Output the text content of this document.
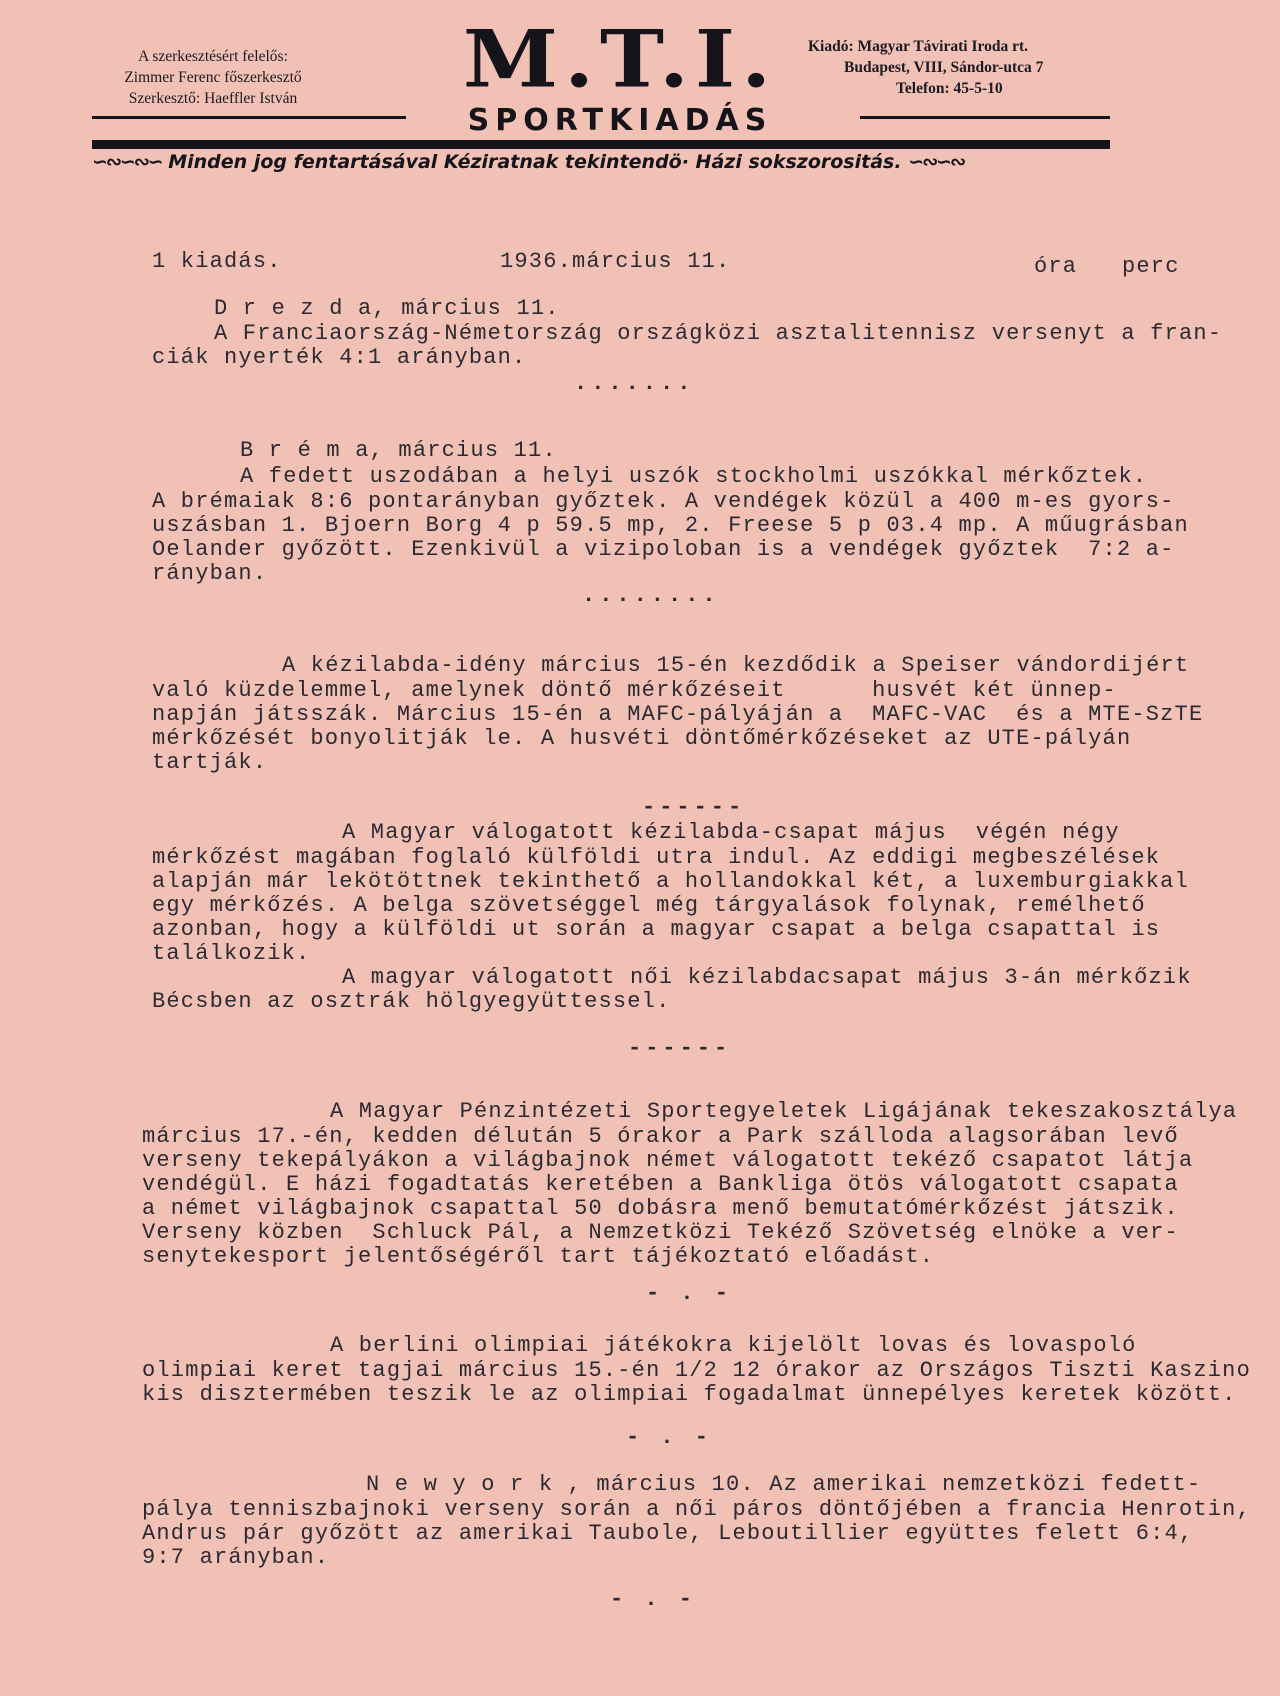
A szerkesztésért felelős:
Zimmer Ferenc főszerkesztő
Szerkesztő: Haeffler István	M.T.I.
SPORTKIADÁS
Kiadó: Magyar Távirati Iroda rt.
Budapest, VIII, Sándor-utca 7
Telefon: 45-5-10
∽∾∽∾∽ Minden jog fentartásával Kéziratnak tekintendö· Házi sokszorositás. ∽∾∽∾
1 kiadás.	1936.március 11.	óra perc
D r e z d a, március 11.
A Franciaország-Németország országközi asztalitennisz versenyt a fran-
ciák nyerték 4:1 arányban.
.......
B r é m a, március 11.
A fedett uszodában a helyi uszók stockholmi uszókkal mérkőztek.
A brémaiak 8:6 pontarányban győztek. A vendégek közül a 400 m-es gyors-
uszásban 1. Bjoern Borg 4 p 59.5 mp, 2. Freese 5 p 03.4 mp. A műugrásban
Oelander győzött. Ezenkivül a vizipoloban is a vendégek győztek  7:2 a-
rányban.
........
A kézilabda-idény március 15-én kezdődik a Speiser vándordijért
való küzdelemmel, amelynek döntő mérkőzéseit      husvét két ünnep-
napján játsszák. Március 15-én a MAFC-pályáján a  MAFC-VAC  és a MTE-SzTE
mérkőzését bonyolitják le. A husvéti döntőmérkőzéseket az UTE-pályán
tartják.
------
A Magyar válogatott kézilabda-csapat május  végén négy
mérkőzést magában foglaló külföldi utra indul. Az eddigi megbeszélések
alapján már lekötöttnek tekinthető a hollandokkal két, a luxemburgiakkal
egy mérkőzés. A belga szövetséggel még tárgyalások folynak, remélhető
azonban, hogy a külföldi ut során a magyar csapat a belga csapattal is
találkozik.
A magyar válogatott női kézilabdacsapat május 3-án mérkőzik
Bécsben az osztrák hölgyegyüttessel.
------
A Magyar Pénzintézeti Sportegyeletek Ligájának tekeszakosztálya
március 17.-én, kedden délután 5 órakor a Park szálloda alagsorában levő
verseny tekepályákon a világbajnok német válogatott tekéző csapatot látja
vendégül. E házi fogadtatás keretében a Bankliga ötös válogatott csapata
a német világbajnok csapattal 50 dobásra menő bemutatómérkőzést játszik.
Verseny közben  Schluck Pál, a Nemzetközi Tekéző Szövetség elnöke a ver-
senytekesport jelentőségéről tart tájékoztató előadást.
- . -
A berlini olimpiai játékokra kijelölt lovas és lovaspoló
olimpiai keret tagjai március 15.-én 1/2 12 órakor az Országos Tiszti Kaszino
kis disztermében teszik le az olimpiai fogadalmat ünnepélyes keretek között.
- . -
N e w y o r k , március 10. Az amerikai nemzetközi fedett-
pálya tenniszbajnoki verseny során a női páros döntőjében a francia Henrotin,
Andrus pár győzött az amerikai Taubole, Leboutillier együttes felett 6:4,
9:7 arányban.
- . -
